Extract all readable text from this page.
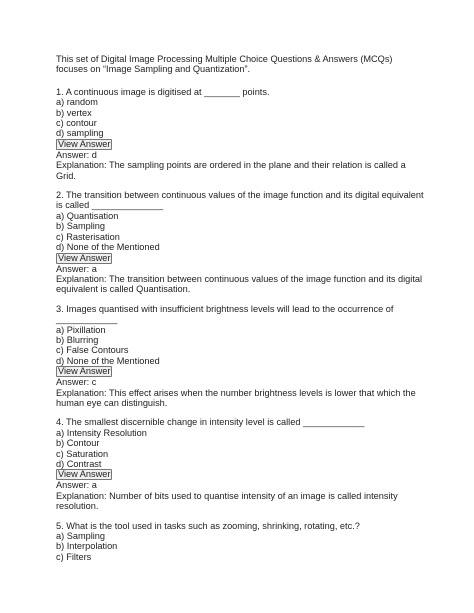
This set of Digital Image Processing Multiple Choice Questions & Answers (MCQs) focuses on “Image Sampling and Quantization”.
1. A continuous image is digitised at _______ points.
a) random
b) vertex
c) contour
d) sampling
View Answer
Answer: d
Explanation: The sampling points are ordered in the plane and their relation is called a Grid.
2. The transition between continuous values of the image function and its digital equivalent is called ______________
a) Quantisation
b) Sampling
c) Rasterisation
d) None of the Mentioned
View Answer
Answer: a
Explanation: The transition between continuous values of the image function and its digital equivalent is called Quantisation.
3. Images quantised with insufficient brightness levels will lead to the occurrence of ____________
a) Pixillation
b) Blurring
c) False Contours
d) None of the Mentioned
View Answer
Answer: c
Explanation: This effect arises when the number brightness levels is lower that which the human eye can distinguish.
4. The smallest discernible change in intensity level is called ____________
a) Intensity Resolution
b) Contour
c) Saturation
d) Contrast
View Answer
Answer: a
Explanation: Number of bits used to quantise intensity of an image is called intensity resolution.
5. What is the tool used in tasks such as zooming, shrinking, rotating, etc.?
a) Sampling
b) Interpolation
c) Filters
